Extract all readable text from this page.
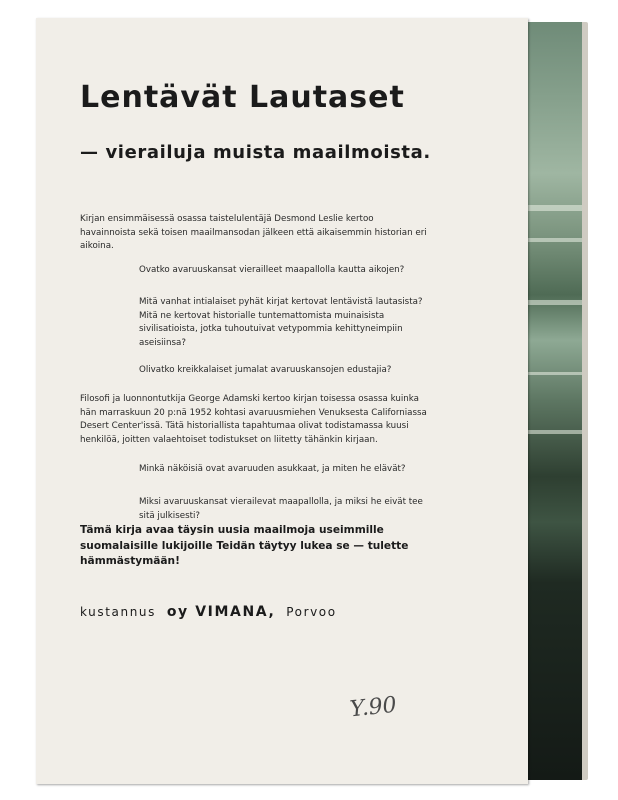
Lentävät Lautaset
— vierailuja muista maailmoista.

Kirjan ensimmäisessä osassa taistelulentäjä Desmond Leslie kertoo havainnoista sekä toisen maailmansodan jälkeen että aikaisemmin historian eri aikoina.

Ovatko avaruuskansat vierailleet maapallolla kautta aikojen?

Mitä vanhat intialaiset pyhät kirjat kertovat lentävistä lautasista? Mitä ne kertovat historialle tuntemattomista muinaisista sivilisatioista, jotka tuhoutuivat vetypommia kehittyneimpiin aseisiinsa?

Olivatko kreikkalaiset jumalat avaruuskansojen edustajia?

Filosofi ja luonnontutkija George Adamski kertoo kirjan toisessa osassa kuinka hän marraskuun 20 p:nä 1952 kohtasi avaruusmiehen Venuksesta Californiassa Desert Center'issä. Tätä historiallista tapahtumaa olivat todistamassa kuusi henkilöä, joitten valaehtoiset todistukset on liitetty tähänkin kirjaan.

Minkä näköisiä ovat avaruuden asukkaat, ja miten he elävät?

Miksi avaruuskansat vierailevat maapallolla, ja miksi he eivät tee sitä julkisesti?

Tämä kirja avaa täysin uusia maailmoja useimmille suomalaisille lukijoille Teidän täytyy lukea se — tulette hämmästymään!

kustannus oy VIMANA, Porvoo

Y.90
